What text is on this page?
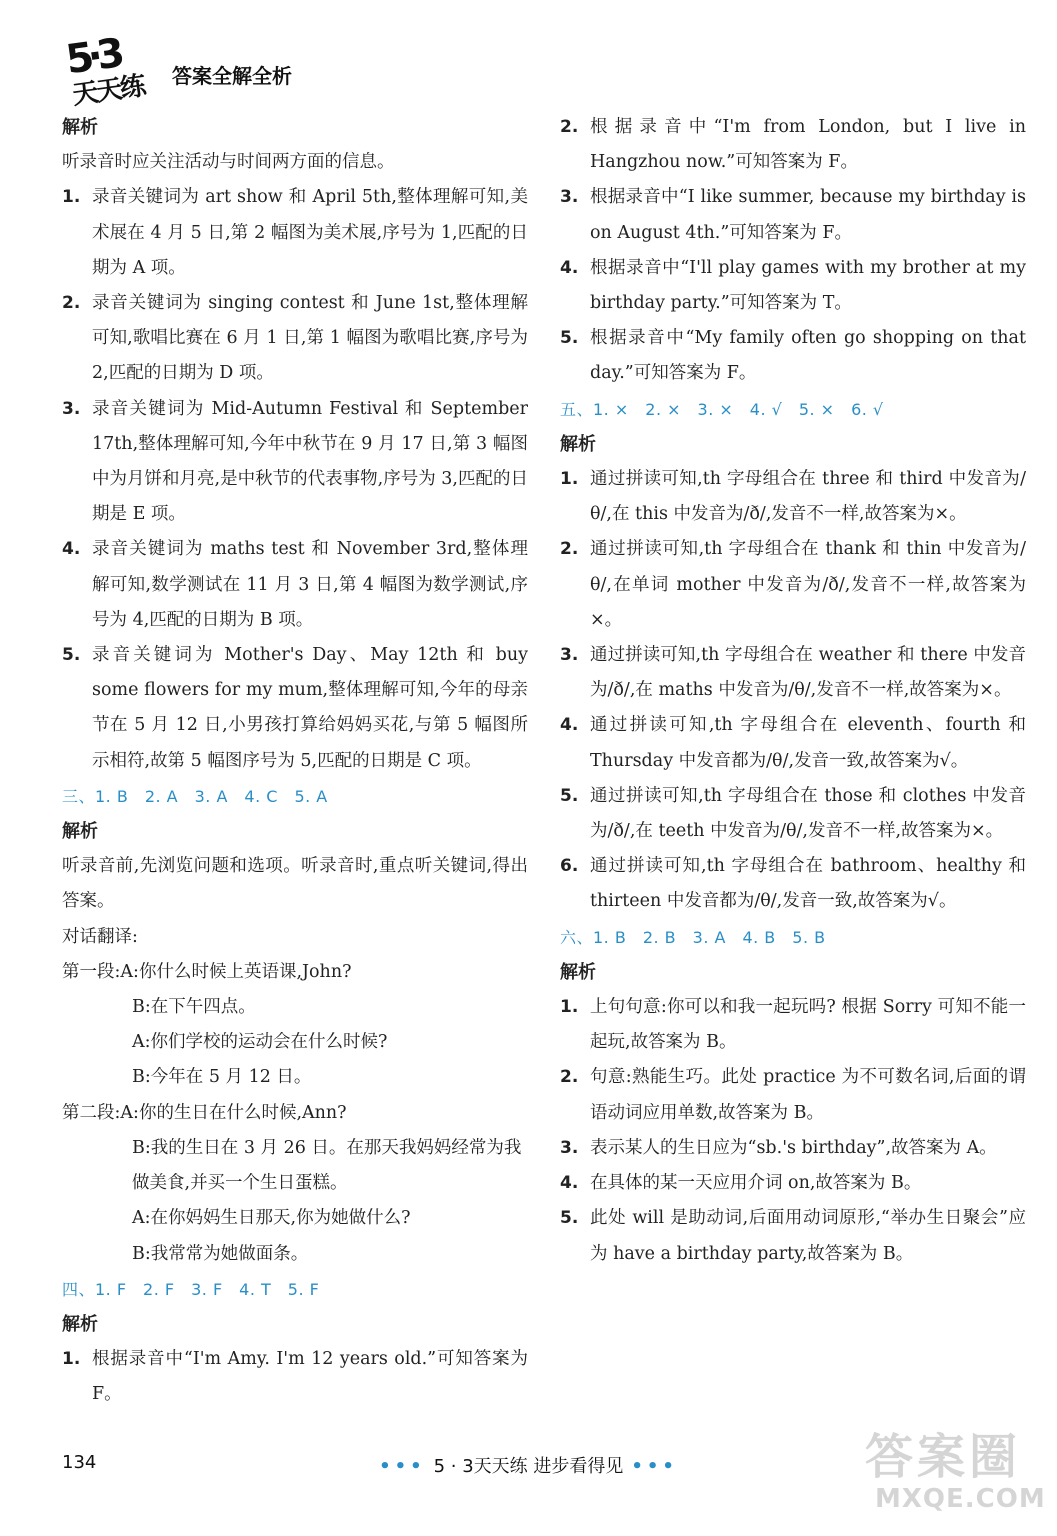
5·3
天天练 答案全解全析
解析
听录音时应关注活动与时间两方面的信息。
1. 录音关键词为 art show 和 April 5th,整体理解可知,美术展在 4 月 5 日,第 2 幅图为美术展,序号为 1,匹配的日期为 A 项。
2. 录音关键词为 singing contest 和 June 1st,整体理解可知,歌唱比赛在 6 月 1 日,第 1 幅图为歌唱比赛,序号为 2,匹配的日期为 D 项。
3. 录音关键词为 Mid-Autumn Festival 和 September 17th,整体理解可知,今年中秋节在 9 月 17 日,第 3 幅图中为月饼和月亮,是中秋节的代表事物,序号为 3,匹配的日期是 E 项。
4. 录音关键词为 maths test 和 November 3rd,整体理解可知,数学测试在 11 月 3 日,第 4 幅图为数学测试,序号为 4,匹配的日期为 B 项。
5. 录音关键词为 Mother's Day、May 12th 和 buy some flowers for my mum,整体理解可知,今年的母亲节在 5 月 12 日,小男孩打算给妈妈买花,与第 5 幅图所示相符,故第 5 幅图序号为 5,匹配的日期是 C 项。
三、1. B　2. A　3. A　4. C　5. A
解析
听录音前,先浏览问题和选项。听录音时,重点听关键词,得出答案。
对话翻译:
第一段: A:你什么时候上英语课,John?
B:在下午四点。
A:你们学校的运动会在什么时候?
B:今年在 5 月 12 日。
第二段: A:你的生日在什么时候,Ann?
B:我的生日在 3 月 26 日。在那天我妈妈经常为我做美食,并买一个生日蛋糕。
A:在你妈妈生日那天,你为她做什么?
B:我常常为她做面条。
四、1. F　2. F　3. F　4. T　5. F
解析
1. 根据录音中“I'm Amy. I'm 12 years old.”可知答案为 F。
2. 根据录音中“I'm from London, but I live in Hangzhou now.”可知答案为 F。
3. 根据录音中“I like summer, because my birthday is on August 4th.”可知答案为 F。
4. 根据录音中“I'll play games with my brother at my birthday party.”可知答案为 T。
5. 根据录音中“My family often go shopping on that day.”可知答案为 F。
五、1. ×　2. ×　3. ×　4. √　5. ×　6. √
解析
1. 通过拼读可知,th 字母组合在 three 和 third 中发音为/θ/,在 this 中发音为/ð/,发音不一样,故答案为×。
2. 通过拼读可知,th 字母组合在 thank 和 thin 中发音为/θ/,在单词 mother 中发音为/ð/,发音不一样,故答案为×。
3. 通过拼读可知,th 字母组合在 weather 和 there 中发音为/ð/,在 maths 中发音为/θ/,发音不一样,故答案为×。
4. 通过拼读可知,th 字母组合在 eleventh、fourth 和 Thursday 中发音都为/θ/,发音一致,故答案为√。
5. 通过拼读可知,th 字母组合在 those 和 clothes 中发音为/ð/,在 teeth 中发音为/θ/,发音不一样,故答案为×。
6. 通过拼读可知,th 字母组合在 bathroom、healthy 和 thirteen 中发音都为/θ/,发音一致,故答案为√。
六、1. B　2. B　3. A　4. B　5. B
解析
1. 上句句意:你可以和我一起玩吗? 根据 Sorry 可知不能一起玩,故答案为 B。
2. 句意:熟能生巧。此处 practice 为不可数名词,后面的谓语动词应用单数,故答案为 B。
3. 表示某人的生日应为“sb.'s birthday”,故答案为 A。
4. 在具体的某一天应用介词 on,故答案为 B。
5. 此处 will 是助动词,后面用动词原形,“举办生日聚会”应为 have a birthday party,故答案为 B。
134	••• 5 · 3天天练 进步看得见 •••	答案圈
MXQE.COM
